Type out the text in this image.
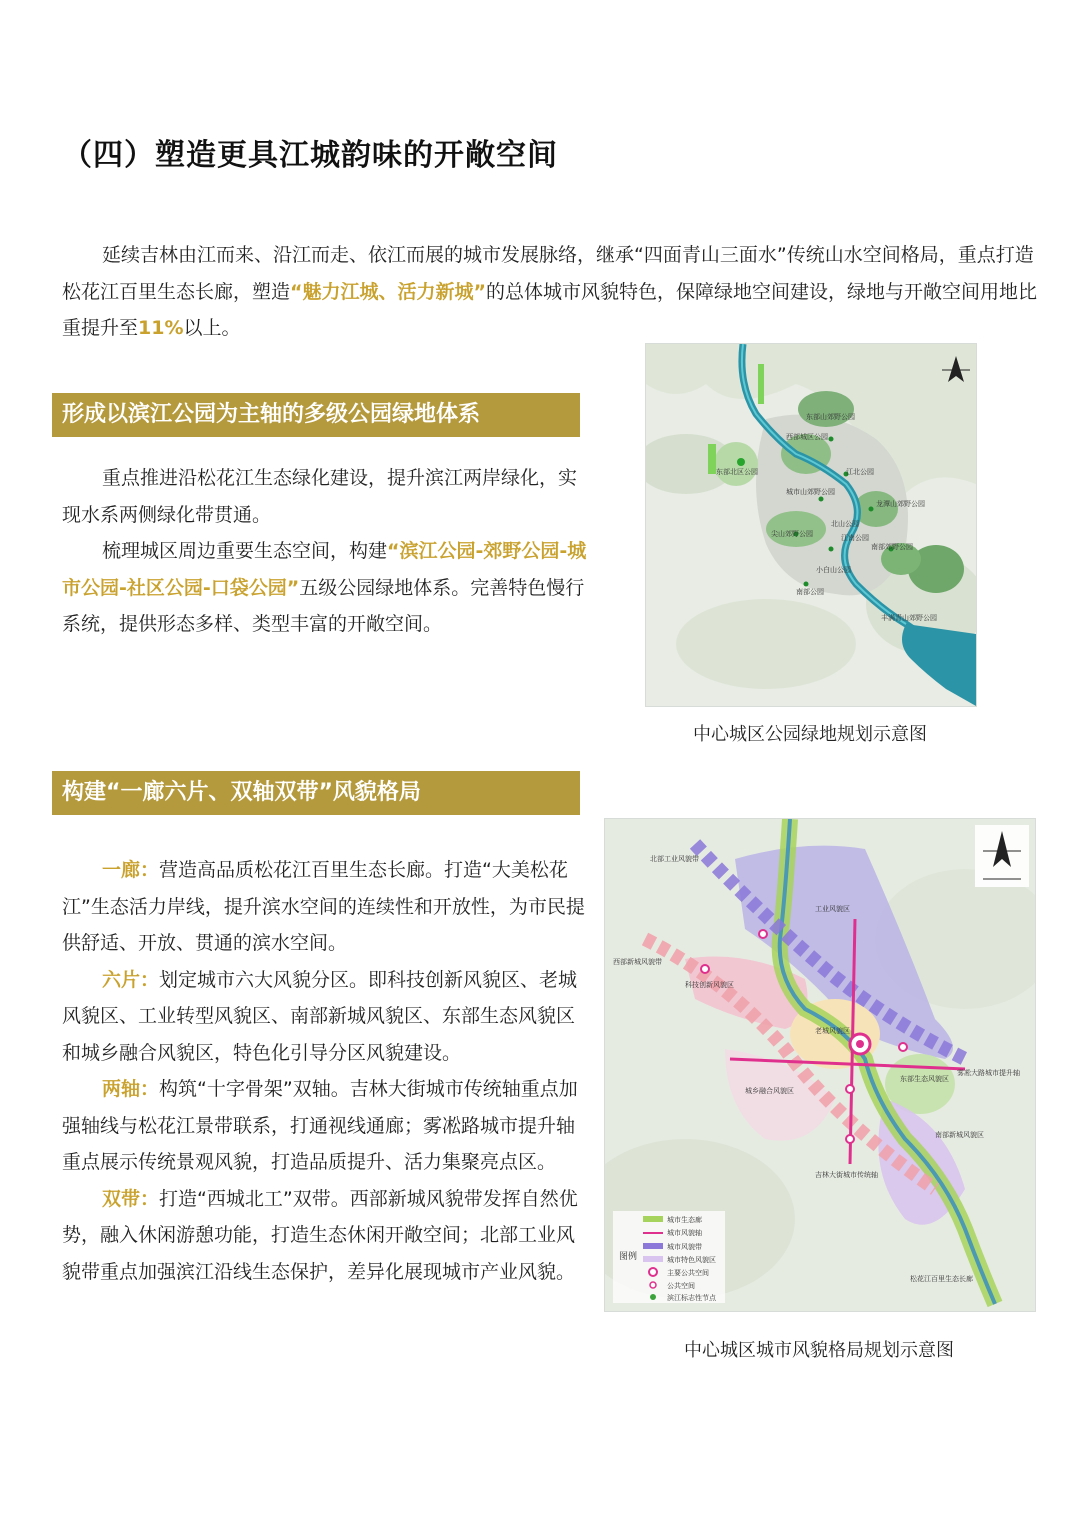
（四）塑造更具江城韵味的开敞空间
延续吉林由江而来、沿江而走、依江而展的城市发展脉络，继承“四面青山三面水”传统山水空间格局，重点打造松花江百里生态长廊，塑造“魅力江城、活力新城”的总体城市风貌特色，保障绿地空间建设，绿地与开敞空间用地比重提升至11%以上。
形成以滨江公园为主轴的多级公园绿地体系
重点推进沿松花江生态绿化建设，提升滨江两岸绿化，实现水系两侧绿化带贯通。
梳理城区周边重要生态空间，构建“滨江公园-郊野公园-城市公园-社区公园-口袋公园”五级公园绿地体系。完善特色慢行系统，提供形态多样、类型丰富的开敞空间。
东部山郊野公园
西部城区公园
东部北区公园	江北公园
城市山郊野公园
龙潭山郊野公园
北山公园
江南公园
尖山郊野公园
南部郊野公园
小白山公园
丰满青山郊野公园
南部公园
中心城区公园绿地规划示意图
构建“一廊六片、双轴双带”风貌格局
一廊：营造高品质松花江百里生态长廊。打造“大美松花江”生态活力岸线，提升滨水空间的连续性和开放性，为市民提供舒适、开放、贯通的滨水空间。
六片：划定城市六大风貌分区。即科技创新风貌区、老城风貌区、工业转型风貌区、南部新城风貌区、东部生态风貌区和城乡融合风貌区，特色化引导分区风貌建设。
两轴：构筑“十字骨架”双轴。吉林大街城市传统轴重点加强轴线与松花江景带联系，打通视线通廊；雾凇路城市提升轴重点展示传统景观风貌，打造品质提升、活力集聚亮点区。
双带：打造“西城北工”双带。西部新城风貌带发挥自然优势，融入休闲游憩功能，打造生态休闲开敞空间；北部工业风貌带重点加强滨江沿线生态保护，差异化展现城市产业风貌。
北部工业风貌带
工业风貌区
西部新城风貌带
科技创新风貌区
老城风貌区
东部生态风貌区
城乡融合风貌区
南部新城风貌区
雾凇大路城市提升轴
吉林大街城市传统轴
松花江百里生态长廊
图例
城市生态廊
城市风貌轴
城市风貌带
城市特色风貌区
主要公共空间
公共空间
滨江标志性节点
中心城区城市风貌格局规划示意图
